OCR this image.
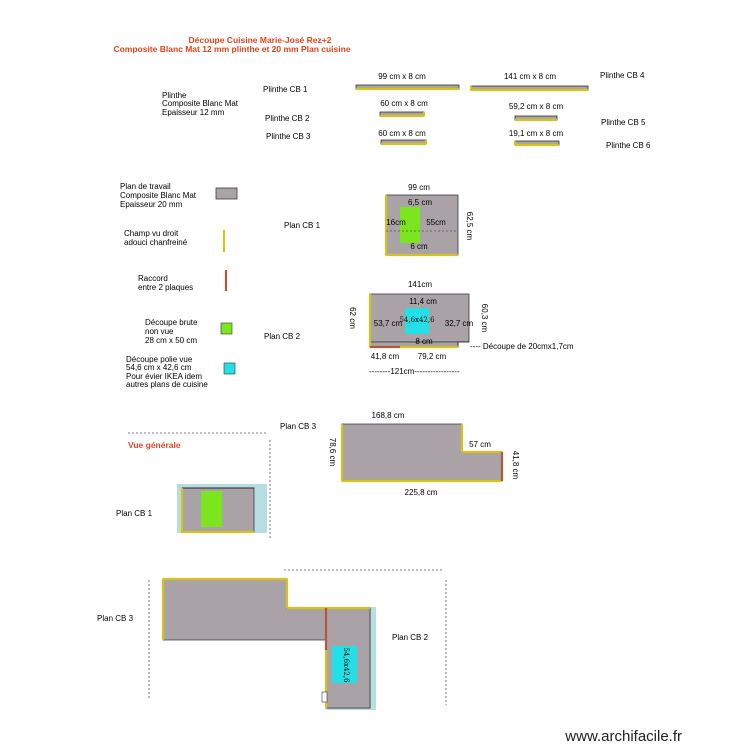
Découpe Cuisine Marie-José Rez+2
Composite Blanc Mat 12 mm plinthe et 20 mm Plan cuisine
Plinthe
Composite Blanc Mat
Epaisseur 12 mm
Plinthe CB 1
Plinthe CB 2
Plinthe CB 3
Plinthe CB 4
Plinthe CB 5
Plinthe CB 6
99 cm x 8 cm
60 cm x 8 cm
60 cm x 8 cm
141 cm x 8 cm
59,2 cm x 8 cm
19,1 cm x 8 cm
Plan de travail
Composite Blanc Mat
Epaisseur 20 mm
Champ vu droit
adouci chanfreiné
Raccord
entre 2 plaques
Découpe brute
non vue
28 cm x 50 cm
Découpe polie vue
54,6 cm x 42,6 cm
Pour évier IKEA idem
autres plans de cuisine
Plan CB 1
99 cm
62,5 cm
6,5 cm
16cm	55cm
6 cm
Plan CB 2
54,6x42,6
141cm
62 cm	60,3 cm
11,4 cm
53,7 cm	32,7 cm
8 cm
41,8 cm 79,2 cm
--------121cm-----------------
---- Découpe de 20cmx1,7cm
Plan CB 3
168,8 cm
78,6 cm	57 cm
41,8 cm
225,8 cm
Vue générale
Plan CB 1
Plan CB 3
Plan CB 2
54,6x42,6
www.archifacile.fr
